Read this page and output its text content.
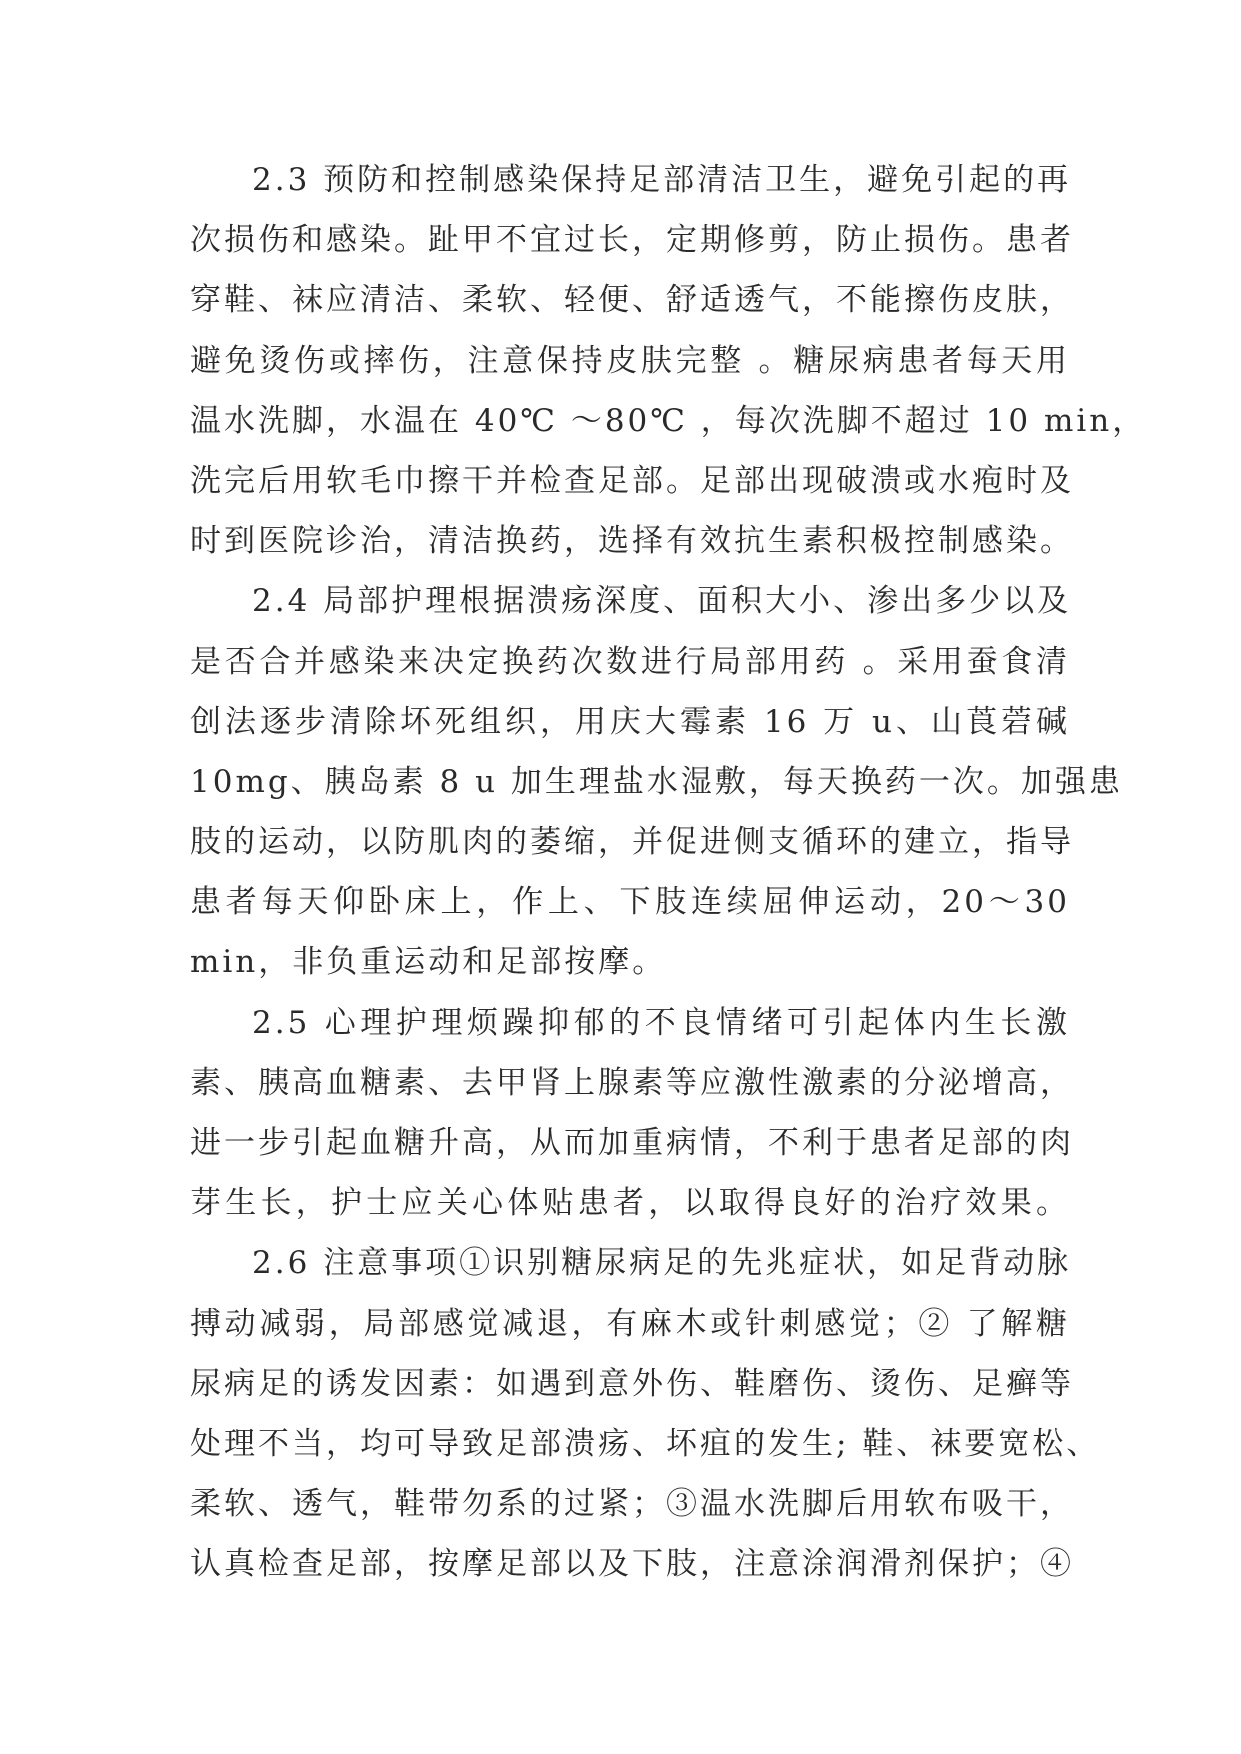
2.3 预防和控制感染保持足部清洁卫生，避免引起的再
次损伤和感染。趾甲不宜过长，定期修剪，防止损伤。患者
穿鞋、袜应清洁、柔软、轻便、舒适透气，不能擦伤皮肤，
避免烫伤或摔伤，注意保持皮肤完整 。糖尿病患者每天用
温水洗脚，水温在 40℃ ～80℃ ，每次洗脚不超过 10 min，
洗完后用软毛巾擦干并检查足部。足部出现破溃或水疱时及
时到医院诊治，清洁换药，选择有效抗生素积极控制感染。
2.4 局部护理根据溃疡深度、面积大小、渗出多少以及
是否合并感染来决定换药次数进行局部用药 。采用蚕食清
创法逐步清除坏死组织，用庆大霉素 16 万 u、山莨菪碱
10mg、胰岛素 8 u 加生理盐水湿敷，每天换药一次。加强患
肢的运动，以防肌肉的萎缩，并促进侧支循环的建立，指导
患者每天仰卧床上，作上、下肢连续屈伸运动，20～30
min，非负重运动和足部按摩。
2.5 心理护理烦躁抑郁的不良情绪可引起体内生长激
素、胰高血糖素、去甲肾上腺素等应激性激素的分泌增高，
进一步引起血糖升高，从而加重病情，不利于患者足部的肉
芽生长，护士应关心体贴患者，以取得良好的治疗效果。
2.6 注意事项①识别糖尿病足的先兆症状，如足背动脉
搏动减弱，局部感觉减退，有麻木或针刺感觉；② 了解糖
尿病足的诱发因素：如遇到意外伤、鞋磨伤、烫伤、足癣等
处理不当，均可导致足部溃疡、坏疽的发生; 鞋、袜要宽松、
柔软、透气，鞋带勿系的过紧；③温水洗脚后用软布吸干，
认真检查足部，按摩足部以及下肢，注意涂润滑剂保护；④
